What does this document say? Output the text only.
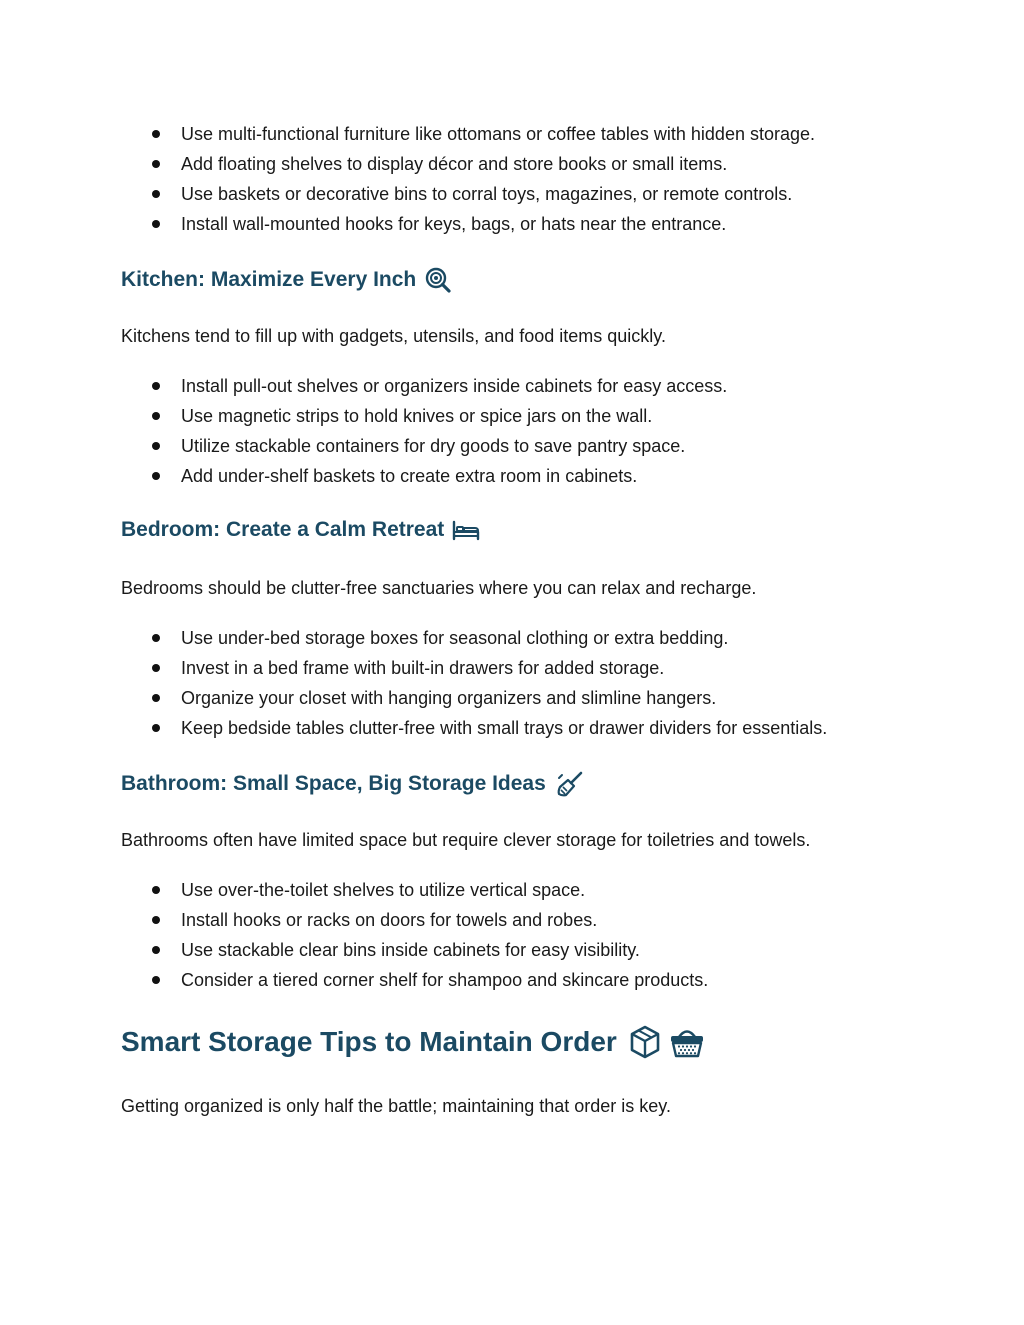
Use multi-functional furniture like ottomans or coffee tables with hidden storage.
Add floating shelves to display décor and store books or small items.
Use baskets or decorative bins to corral toys, magazines, or remote controls.
Install wall-mounted hooks for keys, bags, or hats near the entrance.
Kitchen: Maximize Every Inch

Kitchens tend to fill up with gadgets, utensils, and food items quickly.

Install pull-out shelves or organizers inside cabinets for easy access.
Use magnetic strips to hold knives or spice jars on the wall.
Utilize stackable containers for dry goods to save pantry space.
Add under-shelf baskets to create extra room in cabinets.
Bedroom: Create a Calm Retreat

Bedrooms should be clutter-free sanctuaries where you can relax and recharge.

Use under-bed storage boxes for seasonal clothing or extra bedding.
Invest in a bed frame with built-in drawers for added storage.
Organize your closet with hanging organizers and slimline hangers.
Keep bedside tables clutter-free with small trays or drawer dividers for essentials.
Bathroom: Small Space, Big Storage Ideas

Bathrooms often have limited space but require clever storage for toiletries and towels.

Use over-the-toilet shelves to utilize vertical space.
Install hooks or racks on doors for towels and robes.
Use stackable clear bins inside cabinets for easy visibility.
Consider a tiered corner shelf for shampoo and skincare products.
Smart Storage Tips to Maintain Order

Getting organized is only half the battle; maintaining that order is key.
